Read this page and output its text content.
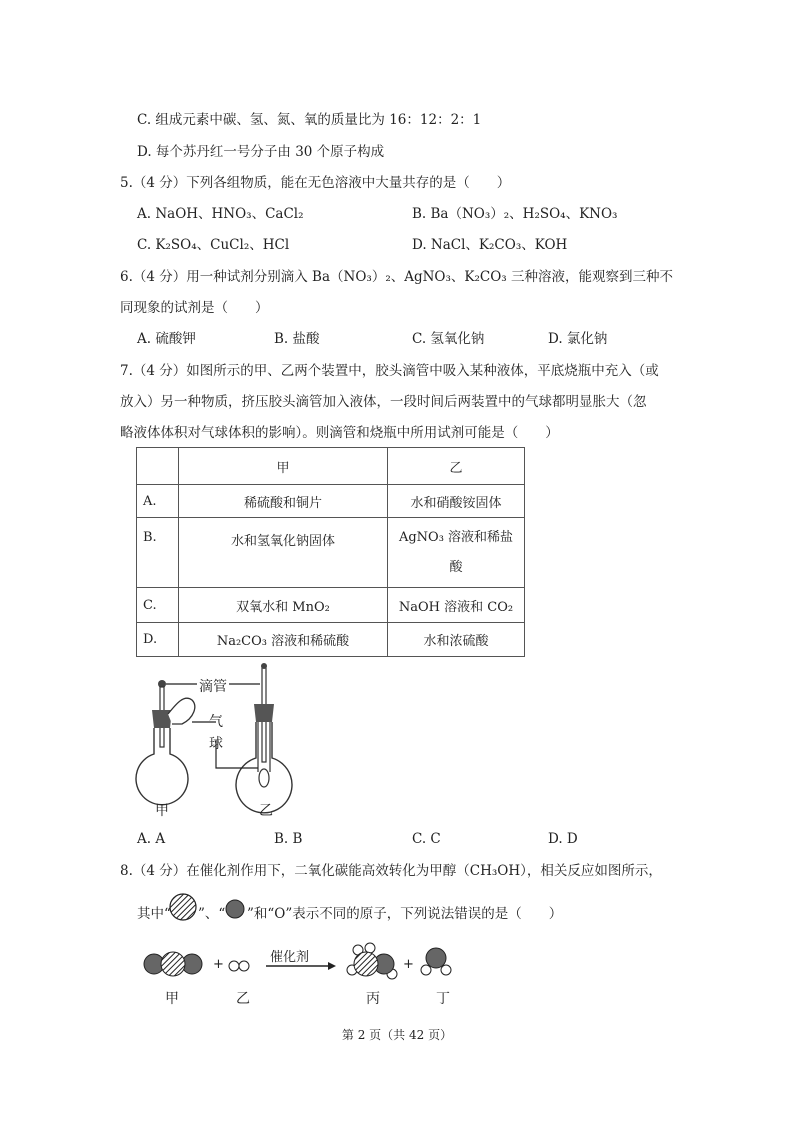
C. 组成元素中碳、氢、氮、氧的质量比为 16：12：2：1
D. 每个苏丹红一号分子由 30 个原子构成
5.（4 分）下列各组物质，能在无色溶液中大量共存的是（　　）
A. NaOH、HNO₃、CaCl₂	B. Ba（NO₃）₂、H₂SO₄、KNO₃
C. K₂SO₄、CuCl₂、HCl	D. NaCl、K₂CO₃、KOH
6.（4 分）用一种试剂分别滴入 Ba（NO₃）₂、AgNO₃、K₂CO₃ 三种溶液，能观察到三种不
同现象的试剂是（　　）
A. 硫酸钾	B. 盐酸	C. 氢氧化钠	D. 氯化钠
7.（4 分）如图所示的甲、乙两个装置中，胶头滴管中吸入某种液体，平底烧瓶中充入（或
放入）另一种物质，挤压胶头滴管加入液体，一段时间后两装置中的气球都明显胀大（忽
略液体体积对气球体积的影响）。则滴管和烧瓶中所用试剂可能是（　　）
	甲	乙
A.	稀硫酸和铜片	水和硝酸铵固体
B.	水和氢氧化钠固体	AgNO₃ 溶液和稀盐酸
C.	双氧水和 MnO₂	NaOH 溶液和 CO₂
D.	Na₂CO₃ 溶液和稀硫酸	水和浓硫酸
滴管
气
球
甲	乙
A. A	B. B	C. C	D. D
8.（4 分）在催化剂作用下，二氧化碳能高效转化为甲醇（CH₃OH），相关反应如图所示，
其中“ ”、“ ”和“O”表示不同的原子，下列说法错误的是（　　）
+	+
催化剂
甲	乙	丙	丁
第 2 页（共 42 页）
